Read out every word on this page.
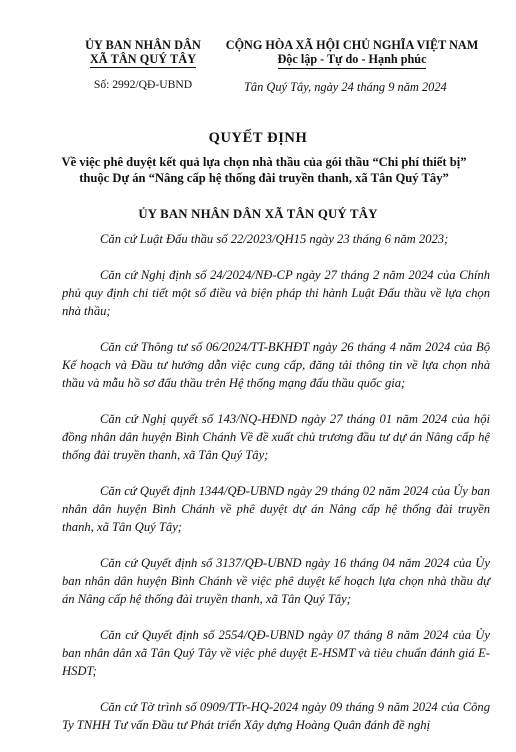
ỦY BAN NHÂN DÂN
XÃ TÂN QUÝ TÂY
Số: 2992/QĐ-UBND
CỘNG HÒA XÃ HỘI CHỦ NGHĨA VIỆT NAM
Độc lập - Tự do - Hạnh phúc
Tân Quý Tây, ngày 24 tháng 9 năm 2024
QUYẾT ĐỊNH
Về việc phê duyệt kết quả lựa chọn nhà thầu của gói thầu “Chi phí thiết bị”
thuộc Dự án “Nâng cấp hệ thống đài truyền thanh, xã Tân Quý Tây”
ỦY BAN NHÂN DÂN XÃ TÂN QUÝ TÂY

Căn cứ Luật Đấu thầu số 22/2023/QH15 ngày 23 tháng 6 năm 2023;

Căn cứ Nghị định số 24/2024/NĐ-CP ngày 27 tháng 2 năm 2024 của Chính phủ quy định chi tiết một số điều và biện pháp thi hành Luật Đấu thầu về lựa chọn nhà thầu;

Căn cứ Thông tư số 06/2024/TT-BKHĐT ngày 26 tháng 4 năm 2024 của Bộ Kế hoạch và Đầu tư hướng dẫn việc cung cấp, đăng tải thông tin về lựa chọn nhà thầu và mẫu hồ sơ đấu thầu trên Hệ thống mạng đấu thầu quốc gia;

Căn cứ Nghị quyết số 143/NQ-HĐND ngày 27 tháng 01 năm 2024 của hội đồng nhân dân huyện Bình Chánh Về đề xuất chủ trương đầu tư dự án Nâng cấp hệ thống đài truyền thanh, xã Tân Quý Tây;

Căn cứ Quyết định 1344/QĐ-UBND ngày 29 tháng 02 năm 2024 của Ủy ban nhân dân huyện Bình Chánh về phê duyệt dự án Nâng cấp hệ thống đài truyền thanh, xã Tân Quý Tây;

Căn cứ Quyết định số 3137/QĐ-UBND ngày 16 tháng 04 năm 2024 của Ủy ban nhân dân huyện Bình Chánh về việc phê duyệt kế hoạch lựa chọn nhà thầu dự án Nâng cấp hệ thống đài truyền thanh, xã Tân Quý Tây;

Căn cứ Quyết định số 2554/QĐ-UBND ngày 07 tháng 8 năm 2024 của Ủy ban nhân dân xã Tân Quý Tây về việc phê duyệt E-HSMT và tiêu chuẩn đánh giá E-HSDT;

Căn cứ Tờ trình số 0909/TTr-HQ-2024 ngày 09 tháng 9 năm 2024 của Công Ty TNHH Tư vấn Đầu tư Phát triển Xây dựng Hoàng Quân đánh đề nghị
